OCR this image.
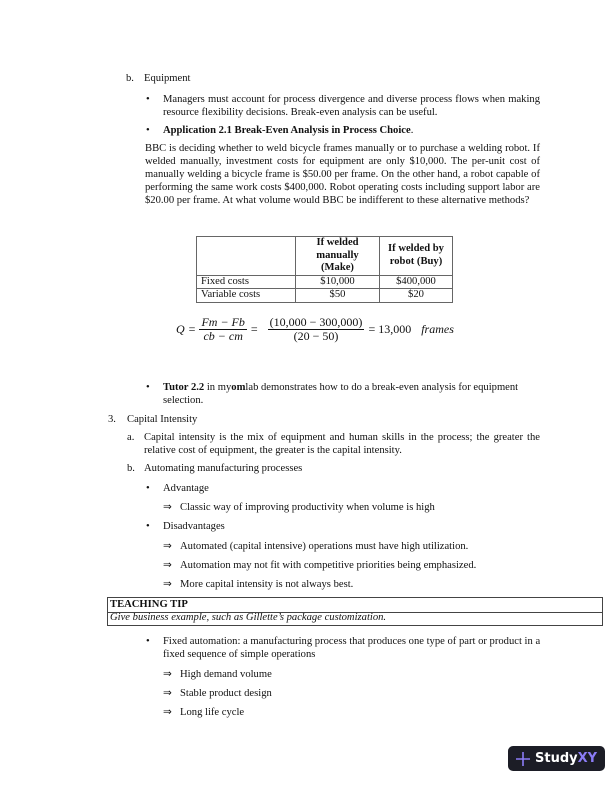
b. Equipment
• Managers must account for process divergence and diverse process flows when making resource flexibility decisions. Break-even analysis can be useful.
• Application 2.1 Break-Even Analysis in Process Choice.
BBC is deciding whether to weld bicycle frames manually or to purchase a welding robot. If welded manually, investment costs for equipment are only $10,000. The per-unit cost of manually welding a bicycle frame is $50.00 per frame. On the other hand, a robot capable of performing the same work costs $400,000. Robot operating costs including support labor are $20.00 per frame. At what volume would BBC be indifferent to these alternative methods?
	If welded manually (Make)	If welded by robot (Buy)
Fixed costs	$10,000	$400,000
Variable costs	$50	$20
$Q = \frac{Fm - Fb}{cb - cm} = \frac{(10,000 - 300,000)}{(20 - 50)} = 13,000$ frames
• Tutor 2.2 in myomlab demonstrates how to do a break-even analysis for equipment selection.
3. Capital Intensity
a. Capital intensity is the mix of equipment and human skills in the process; the greater the relative cost of equipment, the greater is the capital intensity.
b. Automating manufacturing processes
• Advantage
⇒ Classic way of improving productivity when volume is high
• Disadvantages
⇒ Automated (capital intensive) operations must have high utilization.
⇒ Automation may not fit with competitive priorities being emphasized.
⇒ More capital intensity is not always best.
TEACHING TIP
Give business example, such as Gillette’s package customization.
• Fixed automation: a manufacturing process that produces one type of part or product in a fixed sequence of simple operations
⇒ High demand volume
⇒ Stable product design
⇒ Long life cycle
StudyXY
